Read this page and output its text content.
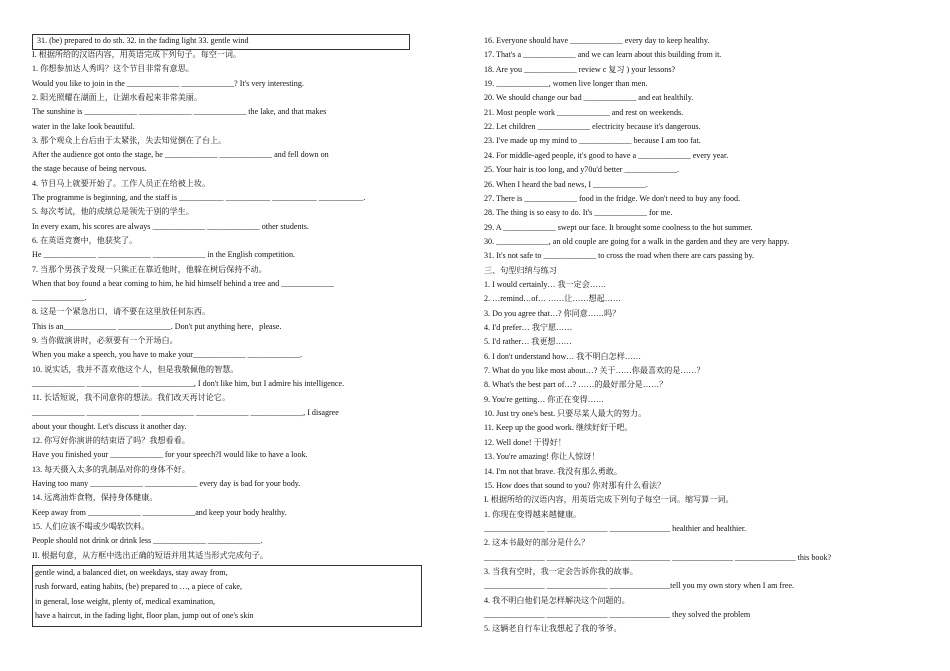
31. (be) prepared to do sth. 32. in the fading light 33. gentle wind
I. 根据所给的汉语内容，用英语完成下列句子。每空一词。
1. 你想参加达人秀吗？这个节目非常有意思。
Would you like to join in the _____________ _____________? It's very interesting.
2. 阳光照耀在湖面上，让湖水看起来非常美丽。
The sunshine is _____________ _____________ _____________ the lake, and that makes
water in the lake look beautiful.
3. 那个观众上台后由于太紧张，失去知觉倒在了台上。
After the audience got onto the stage, he _____________ _____________ and fell down on
the stage because of being nervous.
4. 节目马上就要开始了。工作人员正在给被上妆。
The programme is beginning, and the staff is ___________ ___________ ___________ ___________.
5. 每次考试，他的成绩总是领先于别的学生。
In every exam, his scores are always _____________ _____________ other students.
6. 在英语竞赛中，他获奖了。
He _____________ _____________ _____________ in the English competition.
7. 当那个男孩子发现一只熊正在靠近他时，他躲在树后保持不动。
When that boy found a bear coming to him, he hid himself behind a tree and _____________
_____________.
8. 这是一个紧急出口，请不要在这里放任何东西。
This is an_____________ _____________. Don't put anything here，please.
9. 当你做演讲时，必须要有一个开场白。
When you make a speech, you have to make your_____________ _____________.
10. 说实话，我并不喜欢他这个人，但是我敬佩他的智慧。
_____________ _____________ _____________, I don't like him, but I admire his intelligence.
11. 长话短说，我不同意你的想法。我们改天再讨论它。
_____________ _____________ _____________ _____________ _____________, I disagree
about your thought. Let's discuss it another day.
12. 你写好你演讲的结束语了吗？我想看看。
Have you finished your _____________ for your speech?I would like to have a look.
13. 每天摄入太多的乳制品对你的身体不好。
Having too many _____________ _____________ every day is bad for your body.
14. 远离油炸食物，保持身体健康。
Keep away from _____________ _____________and keep your body healthy.
15. 人们应该不喝或少喝软饮料。
People should not drink or drink less _____________ _____________.
II. 根据句意，从方框中选出正确的短语并用其适当形式完成句子。
gentle wind, a balanced diet, on weekdays, stay away from,
rush forward, eating habits, (be) prepared to …, a piece of cake,
in general, lose weight, plenty of, medical examination,
have a haircut, in the fading light, floor plan, jump out of one's skin
16. Everyone should have _____________ every day to keep healthy.
17. That's a _____________ and we can learn about this building from it.
18. Are you _____________ review c 复习 ) your lessons?
19. _____________, women live longer than men.
20. We should change our bad _____________ and eat healthily.
21. Most people work _____________ and rest on weekends.
22. Let children _____________ electricity because it's dangerous.
23. I've made up my mind to _____________ because I am too fat.
24. For middle-aged people, it's good to have a _____________ every year.
25. Your hair is too long, and y70u'd better _____________.
26. When I heard the bad news, I _____________.
27. There is _____________ food in the fridge. We don't need to buy any food.
28. The thing is so easy to do. It's _____________ for me.
29. A _____________ swept our face. It brought some coolness to the hot summer.
30. _____________, an old couple are going for a walk in the garden and they are very happy.
31. It's not safe to _____________ to cross the road when there are cars passing by.
三、句型归纳与练习
1. I would certainly… 我一定会……
2. …remind…of… ……让……想起……
3. Do you agree that…? 你同意……吗？
4. I'd prefer… 我宁愿……
5. I'd rather… 我更想……
6. I don't understand how… 我不明白怎样……
7. What do you like most about…? 关于……你最喜欢的是……？
8. What's the best part of…? ……的最好部分是……？
9. You're getting… 你正在变得……
10. Just try one's best. 只要尽某人最大的努力。
11. Keep up the good work. 继续好好干吧。
12. Well done! 干得好！
13. You're amazing! 你让人惊讶！
14. I'm not that brave. 我没有那么勇敢。
15. How does that sound to you? 你对那有什么看法？
I. 根据所给的汉语内容，用英语完成下列句子每空一词。缩写算一词。
1. 你现在变得越来越健康。
_______________ _______________ _______________ healthier and healthier.
2. 这本书最好的部分是什么？
_______________ _______________ _______________ _______________ _______________ this book?
3. 当我有空时，我一定会告诉你我的故事。
_______________ _______________ _______________tell you my own story when I am free.
4. 我不明白他们是怎样解决这个问题的。
_______________ _______________ _______________ they solved the problem
5. 这辆老自行车让我想起了我的爷爷。
